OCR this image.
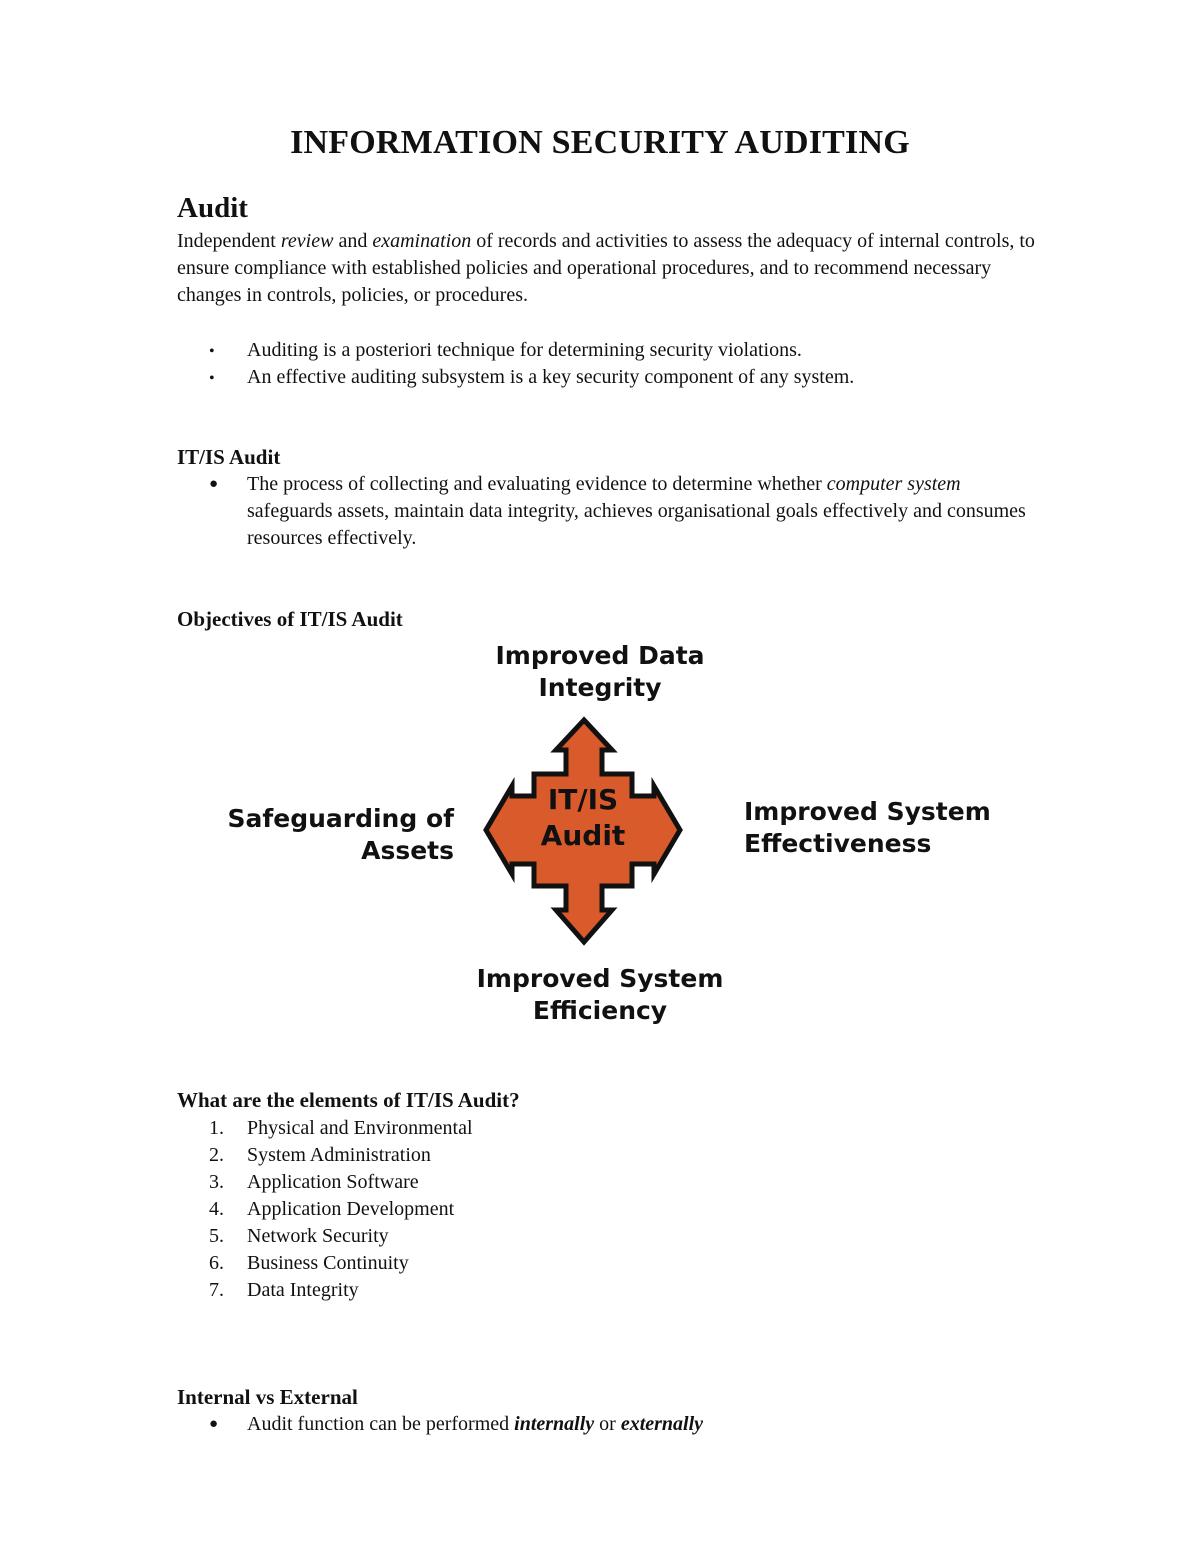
INFORMATION SECURITY AUDITING
Audit

Independent review and examination of records and activities to assess the adequacy of internal controls, to ensure compliance with established policies and operational procedures, and to recommend necessary changes in controls, policies, or procedures.

•
Auditing is a posteriori technique for determining security violations.
•
An effective auditing subsystem is a key security component of any system.
IT/IS Audit
●
The process of collecting and evaluating evidence to determine whether computer system safeguards assets, maintain data integrity, achieves organisational goals effectively and consumes resources effectively.
Objectives of IT/IS Audit
Improved Data
Integrity
Safeguarding of
Assets
Improved System
Effectiveness
Improved System
Efficiency
IT/IS
Audit
What are the elements of IT/IS Audit?
1.	Physical and Environmental
2.	System Administration
3.	Application Software
4.	Application Development
5.	Network Security
6.	Business Continuity
7.	Data Integrity
Internal vs External
●
Audit function can be performed internally or externally
